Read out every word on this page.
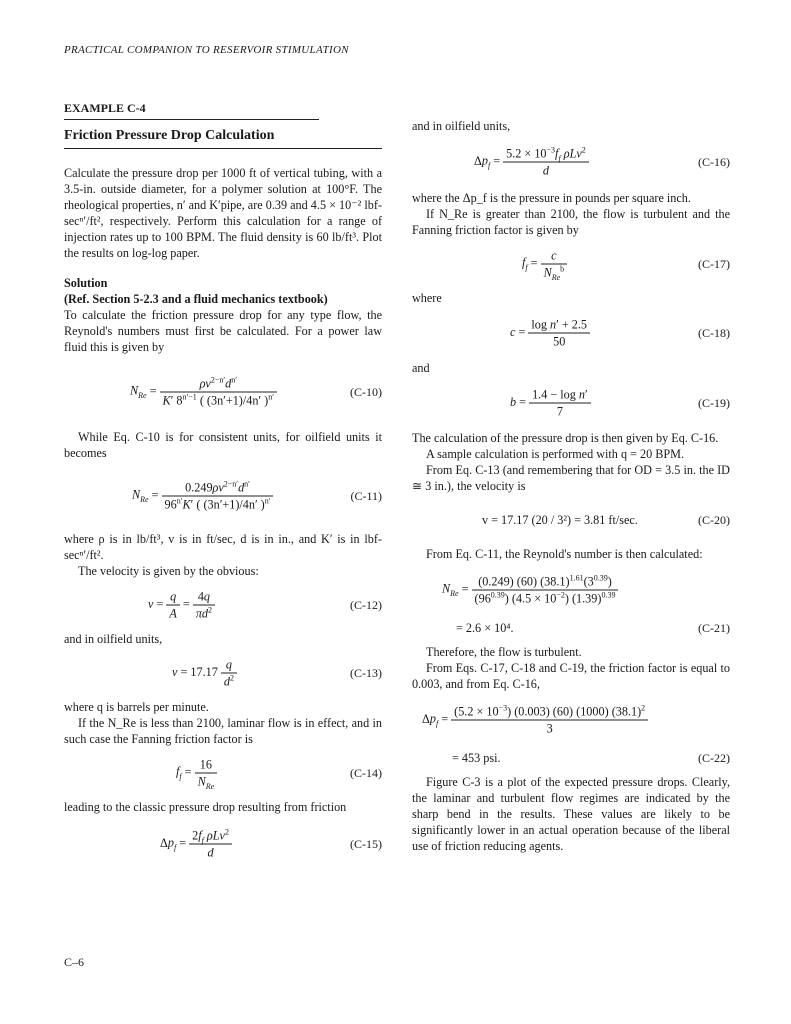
PRACTICAL COMPANION TO RESERVOIR STIMULATION
EXAMPLE C-4
Friction Pressure Drop Calculation

Calculate the pressure drop per 1000 ft of vertical tubing, with a 3.5-in. outside diameter, for a polymer solution at 100°F. The rheological properties, n′ and K′pipe, are 0.39 and 4.5 × 10⁻² lbf-secⁿ′/ft², respectively. Perform this calculation for a range of injection rates up to 100 BPM. The fluid density is 60 lb/ft³. Plot the results on log-log paper.

Solution

(Ref. Section 5-2.3 and a fluid mechanics textbook)

To calculate the friction pressure drop for any type flow, the Reynold's numbers must first be calculated. For a power law fluid this is given by

$N_{Re} = \frac{\rho v^{2-n'}d^{n'}}{K' 8^{n'-1} ( (3n'+1)/4n' )^{n'}}$	(C-10)

While Eq. C-10 is for consistent units, for oilfield units it becomes

$N_{Re} = \frac{0.249\rho v^{2-n'}d^{n'}}{96^{n'}K' ( (3n'+1)/4n' )^{n'}}$	(C-11)

where ρ is in lb/ft³, v is in ft/sec, d is in in., and K′ is in lbf-secⁿ′/ft².

The velocity is given by the obvious:

$v = \frac{q}{A} = \frac{4q}{\pi d^2}$	(C-12)

and in oilfield units,

$v = 17.17 \frac{q}{d^2}$	(C-13)

where q is barrels per minute.

If the N_Re is less than 2100, laminar flow is in effect, and in such case the Fanning friction factor is

$f_f = \frac{16}{N_{Re}}$	(C-14)

leading to the classic pressure drop resulting from friction

$\Delta p_f = \frac{2f_f \rho Lv^2}{d}$	(C-15)

and in oilfield units,

$\Delta p_f = \frac{5.2 \times 10^{-3}f_f \rho Lv^2}{d}$	(C-16)

where the Δp_f is the pressure in pounds per square inch.

If N_Re is greater than 2100, the flow is turbulent and the Fanning friction factor is given by

$f_f = \frac{c}{N_{Re}^b}$	(C-17)

where

$c = \frac{\text{log n′ + 2.5}}{50}$	(C-18)

and

$b = \frac{\text{1.4 − log n′}}{7}$	(C-19)

The calculation of the pressure drop is then given by Eq. C-16.

A sample calculation is performed with q = 20 BPM.

From Eq. C-13 (and remembering that for OD = 3.5 in. the ID ≅ 3 in.), the velocity is

v = 17.17 (20 / 3²) = 3.81 ft/sec.	(C-20)

From Eq. C-11, the Reynold's number is then calculated:

$N_{Re} = \frac{(0.249) (60) (38.1)^{1.61}(3^{0.39})}{(96^{0.39}) (4.5 \times 10^{-2}) (1.39)^{0.39}}$
= 2.6 × 10⁴.	(C-21)

Therefore, the flow is turbulent.

From Eqs. C-17, C-18 and C-19, the friction factor is equal to 0.003, and from Eq. C-16,

$\Delta p_f = \frac{(5.2 \times 10^{-3}) (0.003) (60) (1000) (38.1)^2}{3}$
= 453 psi.	(C-22)

Figure C-3 is a plot of the expected pressure drops. Clearly, the laminar and turbulent flow regimes are indicated by the sharp bend in the results. These values are likely to be significantly lower in an actual operation because of the liberal use of friction reducing agents.

C–6
